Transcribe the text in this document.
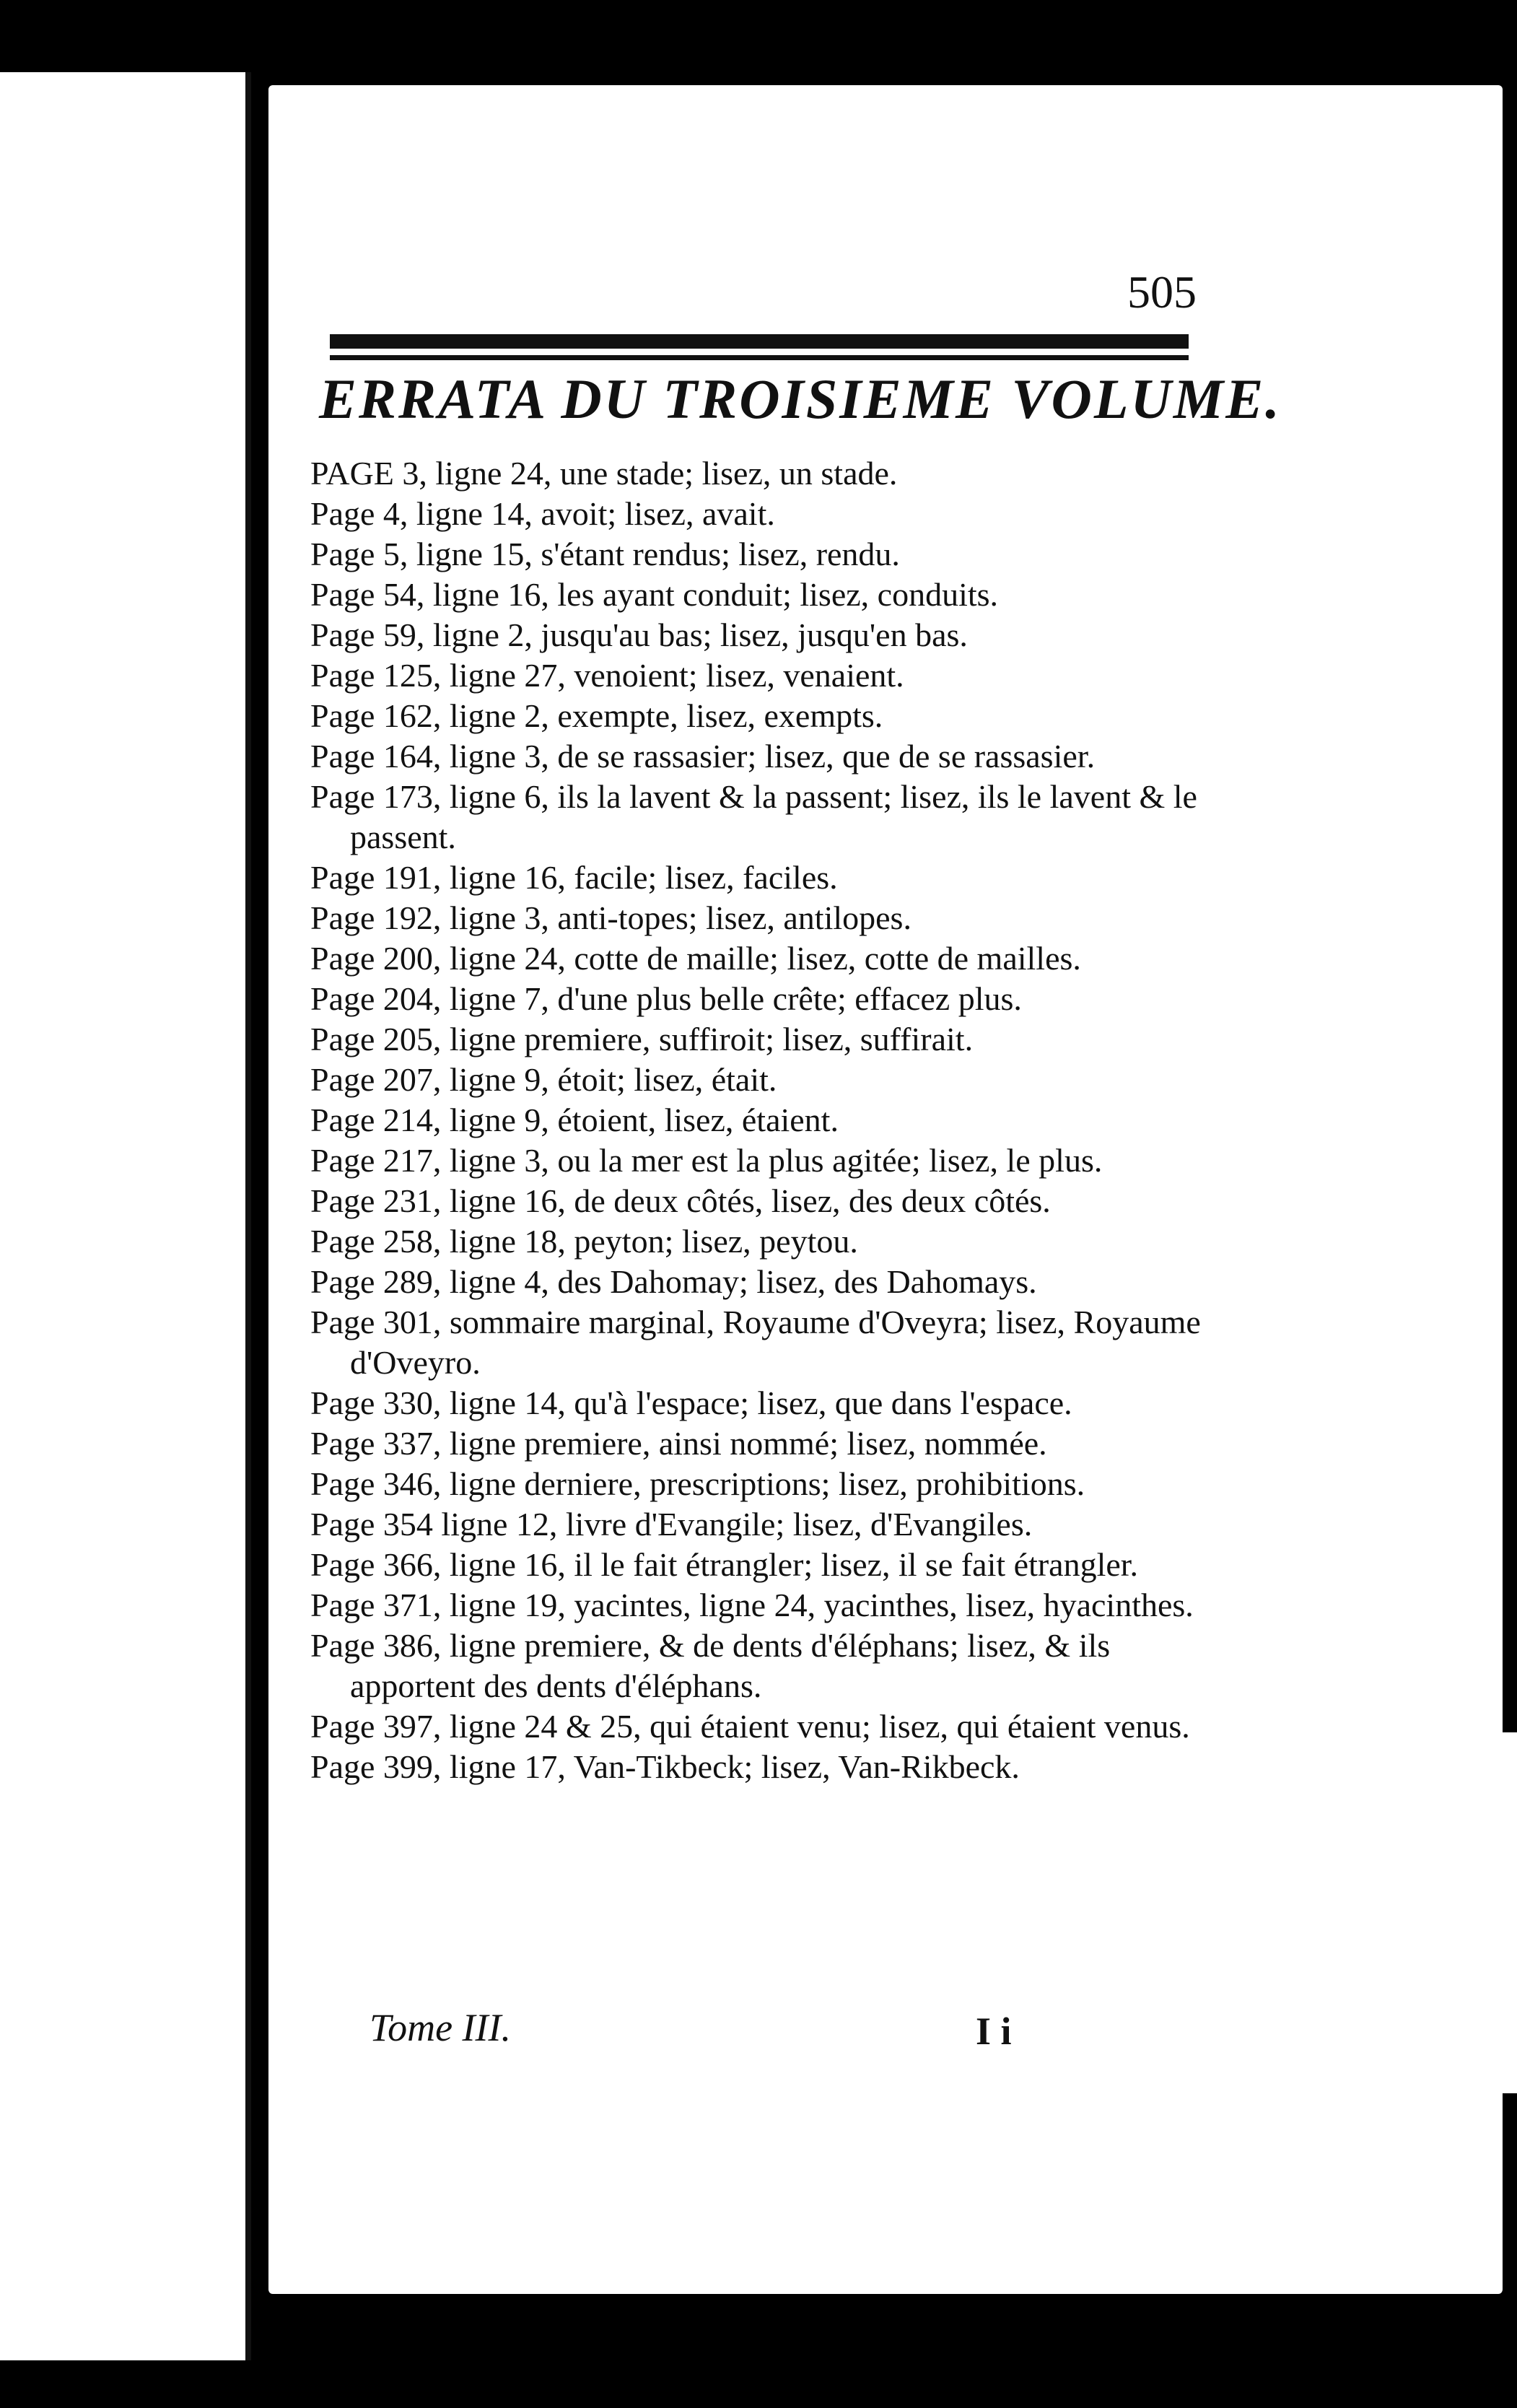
505
ERRATA DU TROISIEME VOLUME.
PAGE 3, ligne 24, une stade; lisez, un stade.
Page 4, ligne 14, avoit; lisez, avait.
Page 5, ligne 15, s'étant rendus; lisez, rendu.
Page 54, ligne 16, les ayant conduit; lisez, conduits.
Page 59, ligne 2, jusqu'au bas; lisez, jusqu'en bas.
Page 125, ligne 27, venoient; lisez, venaient.
Page 162, ligne 2, exempte, lisez, exempts.
Page 164, ligne 3, de se rassasier; lisez, que de se rassasier.
Page 173, ligne 6, ils la lavent & la passent; lisez, ils le lavent & le passent.
Page 191, ligne 16, facile; lisez, faciles.
Page 192, ligne 3, anti-topes; lisez, antilopes.
Page 200, ligne 24, cotte de maille; lisez, cotte de mailles.
Page 204, ligne 7, d'une plus belle crête; effacez plus.
Page 205, ligne premiere, suffiroit; lisez, suffirait.
Page 207, ligne 9, étoit; lisez, était.
Page 214, ligne 9, étoient, lisez, étaient.
Page 217, ligne 3, ou la mer est la plus agitée; lisez, le plus.
Page 231, ligne 16, de deux côtés, lisez, des deux côtés.
Page 258, ligne 18, peyton; lisez, peytou.
Page 289, ligne 4, des Dahomay; lisez, des Dahomays.
Page 301, sommaire marginal, Royaume d'Oveyra; lisez, Royaume d'Oveyro.
Page 330, ligne 14, qu'à l'espace; lisez, que dans l'espace.
Page 337, ligne premiere, ainsi nommé; lisez, nommée.
Page 346, ligne derniere, prescriptions; lisez, prohibitions.
Page 354 ligne 12, livre d'Evangile; lisez, d'Evangiles.
Page 366, ligne 16, il le fait étrangler; lisez, il se fait étrangler.
Page 371, ligne 19, yacintes, ligne 24, yacinthes, lisez, hyacinthes.
Page 386, ligne premiere, & de dents d'éléphans; lisez, & ils apportent des dents d'éléphans.
Page 397, ligne 24 & 25, qui étaient venu; lisez, qui étaient venus.
Page 399, ligne 17, Van-Tikbeck; lisez, Van-Rikbeck.
Tome III.	I i
